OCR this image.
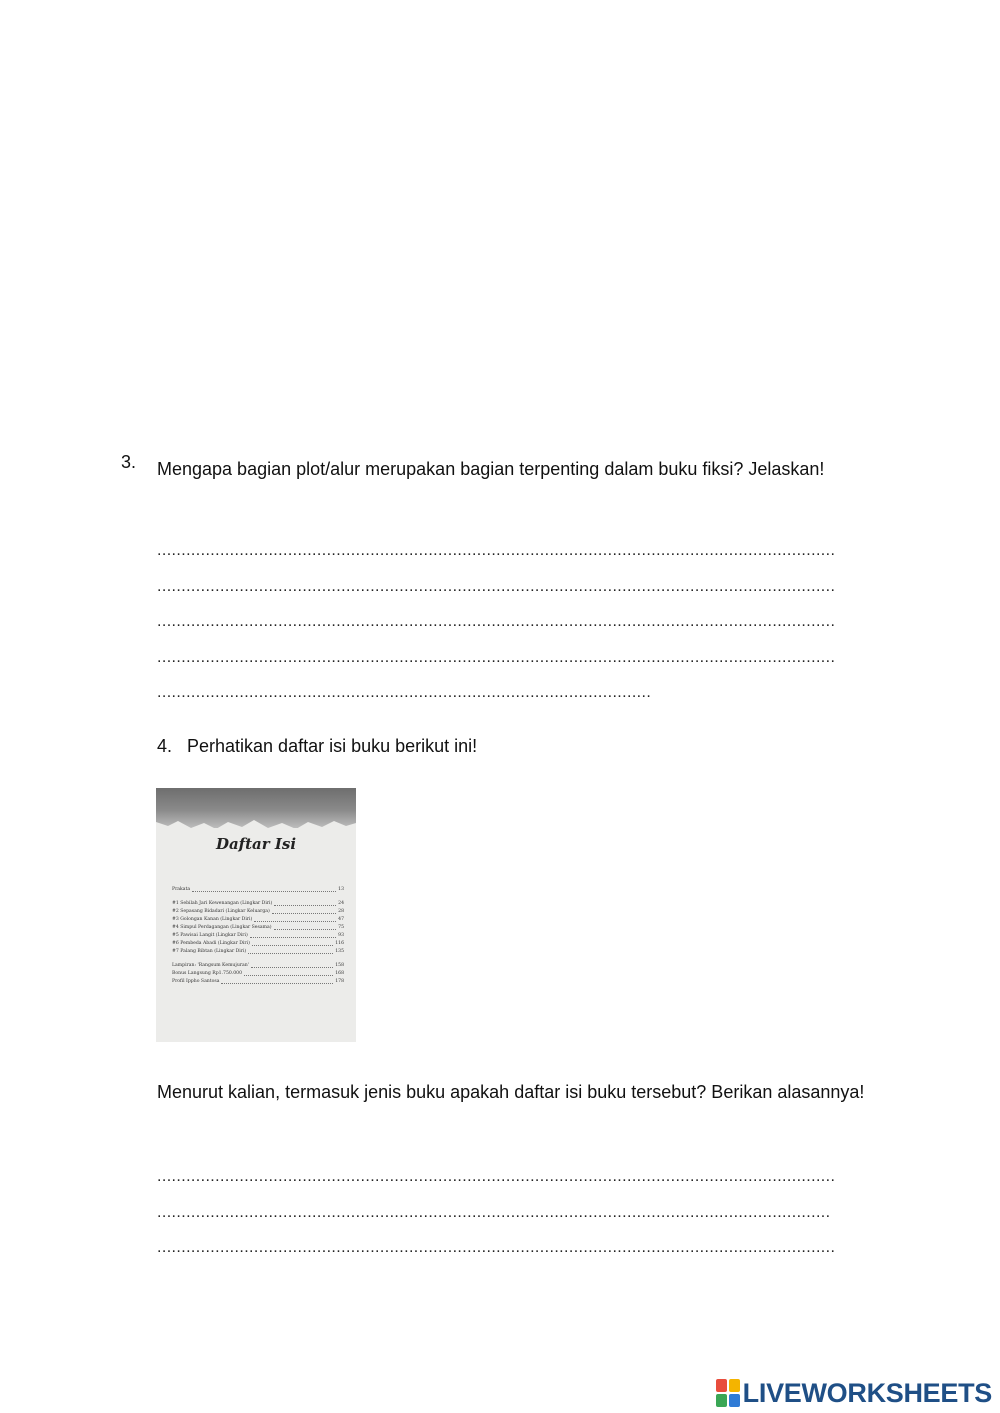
3. Mengapa bagian plot/alur merupakan bagian terpenting dalam buku fiksi? Jelaskan!
............................................................................................................................................
............................................................................................................................................
............................................................................................................................................
............................................................................................................................................
......................................................................................................
4. Perhatikan daftar isi buku berikut ini!
Daftar Isi
Prakata	13
#1 Sebilah Jari Kewenangan (Lingkar Diri)	24
#2 Sepasang Bidadari (Lingkar Keluarga)	28
#3 Golongan Kanan (Lingkar Diri)	47
#4 Simpul Perdagangan (Lingkar Sesama)	75
#5 Pawisai Langit (Lingkar Diri)	93
#6 Pembeda Abadi (Lingkar Diri)	116
#7 Palang Bibtan (Lingkar Diri)	135
Lampiran: 'Rangsum Kemujuran'	158
Bonus Langsung Rp1.750.000	168
Profil Ippho Santosa	178
Menurut kalian, termasuk jenis buku apakah daftar isi buku tersebut? Berikan alasannya!
............................................................................................................................................
...........................................................................................................................................
............................................................................................................................................
LIVEWORKSHEETS
